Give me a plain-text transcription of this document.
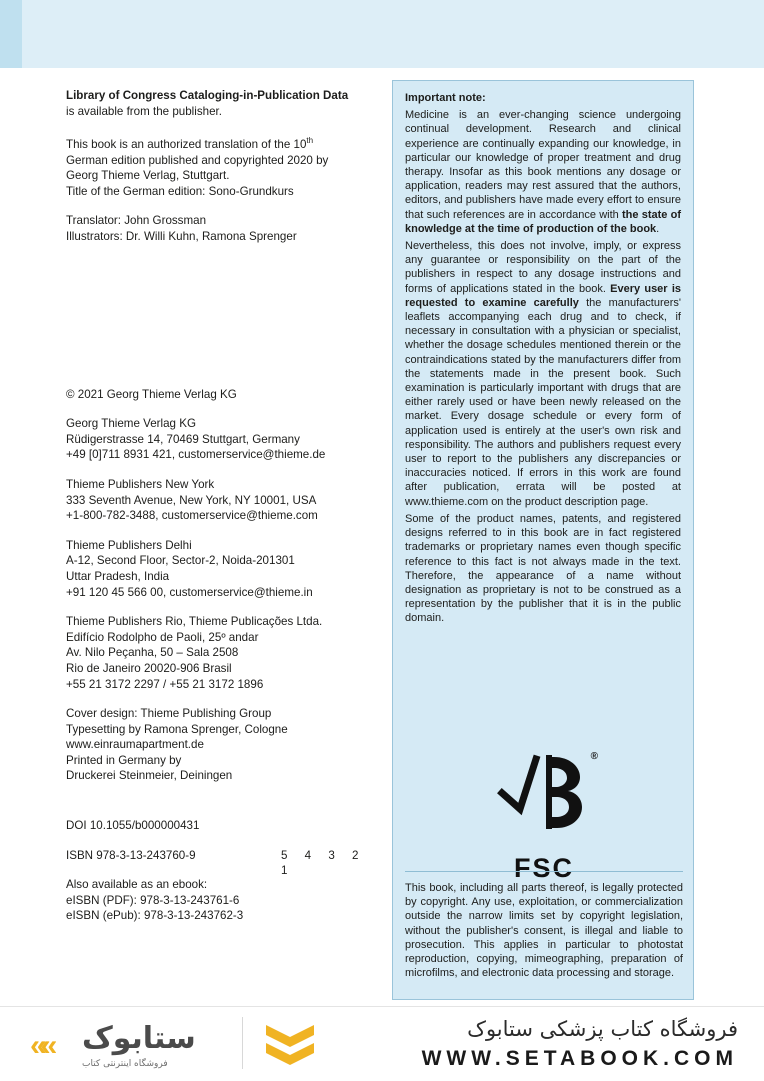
Library of Congress Cataloging-in-Publication Data
is available from the publisher.

This book is an authorized translation of the 10th
German edition published and copyrighted 2020 by
Georg Thieme Verlag, Stuttgart.
Title of the German edition: Sono-Grundkurs

Translator: John Grossman
Illustrators: Dr. Willi Kuhn, Ramona Sprenger

© 2021 Georg Thieme Verlag KG

Georg Thieme Verlag KG
Rüdigerstrasse 14, 70469 Stuttgart, Germany
+49 [0]711 8931 421, customerservice@thieme.de

Thieme Publishers New York
333 Seventh Avenue, New York, NY 10001, USA
+1-800-782-3488, customerservice@thieme.com

Thieme Publishers Delhi
A-12, Second Floor, Sector-2, Noida-201301
Uttar Pradesh, India
+91 120 45 566 00, customerservice@thieme.in

Thieme Publishers Rio, Thieme Publicações Ltda.
Edifício Rodolpho de Paoli, 25º andar
Av. Nilo Peçanha, 50 – Sala 2508
Rio de Janeiro 20020-906 Brasil
+55 21 3172 2297 / +55 21 3172 1896

Cover design: Thieme Publishing Group
Typesetting by Ramona Sprenger, Cologne
www.einraumapartment.de
Printed in Germany by
Druckerei Steinmeier, Deiningen

DOI 10.1055/b000000431

ISBN 978-3-13-243760-9	5 4 3 2 1

Also available as an ebook:
eISBN (PDF): 978-3-13-243761-6
eISBN (ePub): 978-3-13-243762-3

Important note:

Medicine is an ever-changing science undergoing continual development. Research and clinical experience are continually expanding our knowledge, in particular our knowledge of proper treatment and drug therapy. Insofar as this book mentions any dosage or application, readers may rest assured that the authors, editors, and publishers have made every effort to ensure that such references are in accordance with the state of knowledge at the time of production of the book.

Nevertheless, this does not involve, imply, or express any guarantee or responsibility on the part of the publishers in respect to any dosage instructions and forms of applications stated in the book. Every user is requested to examine carefully the manufacturers' leaflets accompanying each drug and to check, if necessary in consultation with a physician or specialist, whether the dosage schedules mentioned therein or the contraindications stated by the manufacturers differ from the statements made in the present book. Such examination is particularly important with drugs that are either rarely used or have been newly released on the market. Every dosage schedule or every form of application used is entirely at the user's own risk and responsibility. The authors and publishers request every user to report to the publishers any discrepancies or inaccuracies noticed. If errors in this work are found after publication, errata will be posted at www.thieme.com on the product description page.

Some of the product names, patents, and registered designs referred to in this book are in fact registered trademarks or proprietary names even though specific reference to this fact is not always made in the text. Therefore, the appearance of a name without designation as proprietary is not to be construed as a representation by the publisher that it is in the public domain.

®
FSC
This book, including all parts thereof, is legally protected by copyright. Any use, exploitation, or commercialization outside the narrow limits set by copyright legislation, without the publisher's consent, is illegal and liable to prosecution. This applies in particular to photostat reproduction, copying, mimeographing, preparation of microfilms, and electronic data processing and storage.
«« ستابوک
فروشگاه اینترنتی کتاب
فروشگاه کتاب پزشکی ستابوک
WWW.SETABOOK.COM
